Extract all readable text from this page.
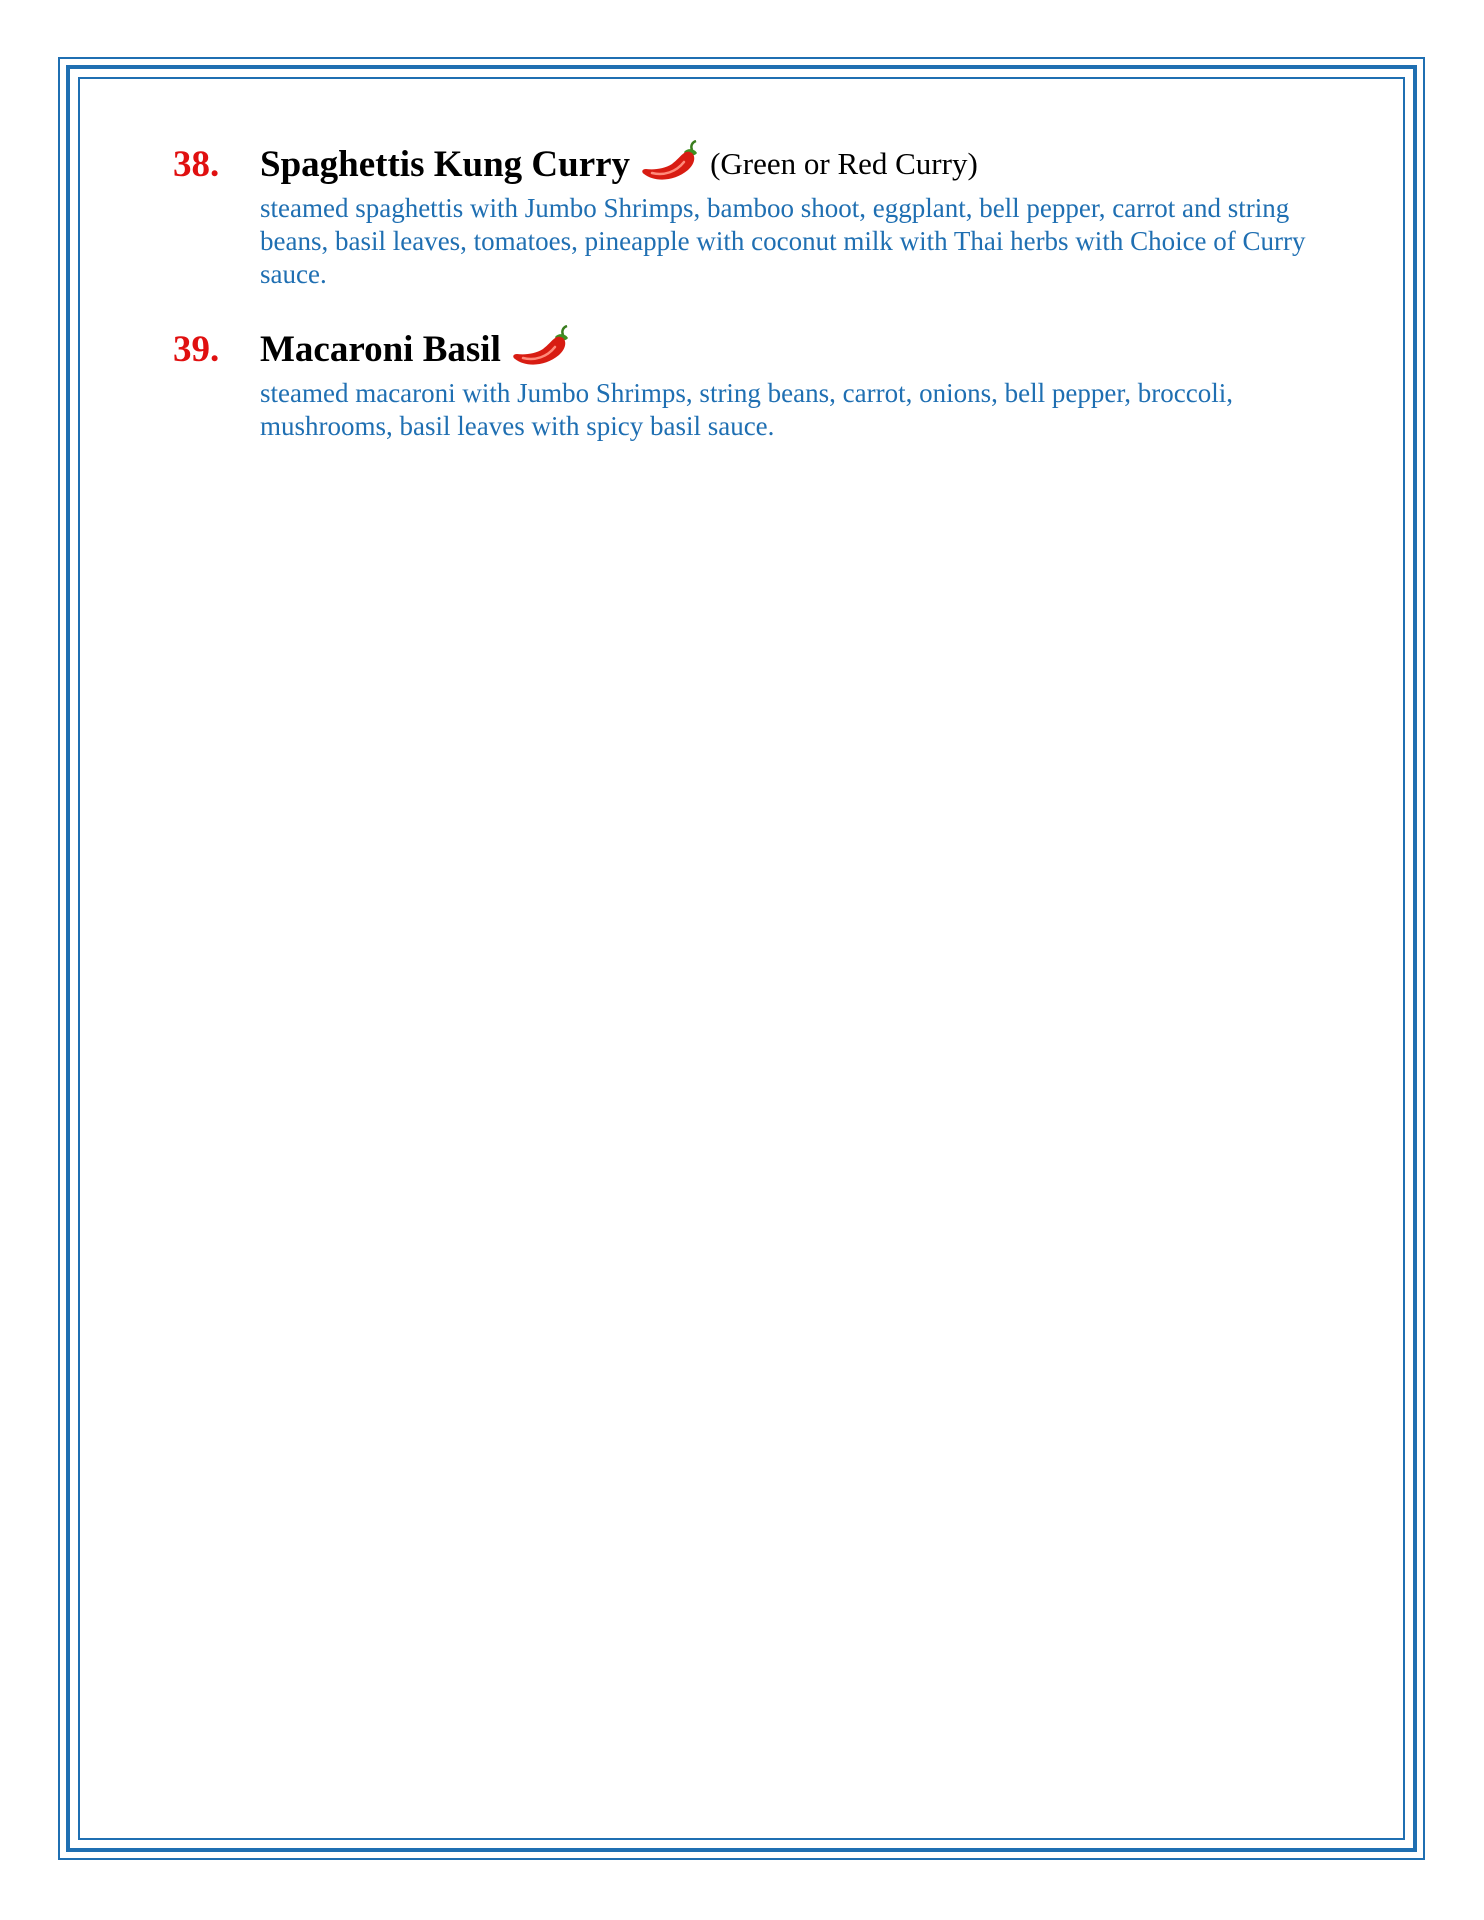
38.	Spaghettis Kung Curry	(Green or Red Curry)
steamed spaghettis with Jumbo Shrimps, bamboo shoot, eggplant, bell pepper, carrot and string beans, basil leaves, tomatoes, pineapple with coconut milk with Thai herbs with Choice of Curry sauce.
39.	Macaroni Basil
steamed macaroni with Jumbo Shrimps, string beans, carrot, onions, bell pepper, broccoli, mushrooms, basil leaves with spicy basil sauce.
